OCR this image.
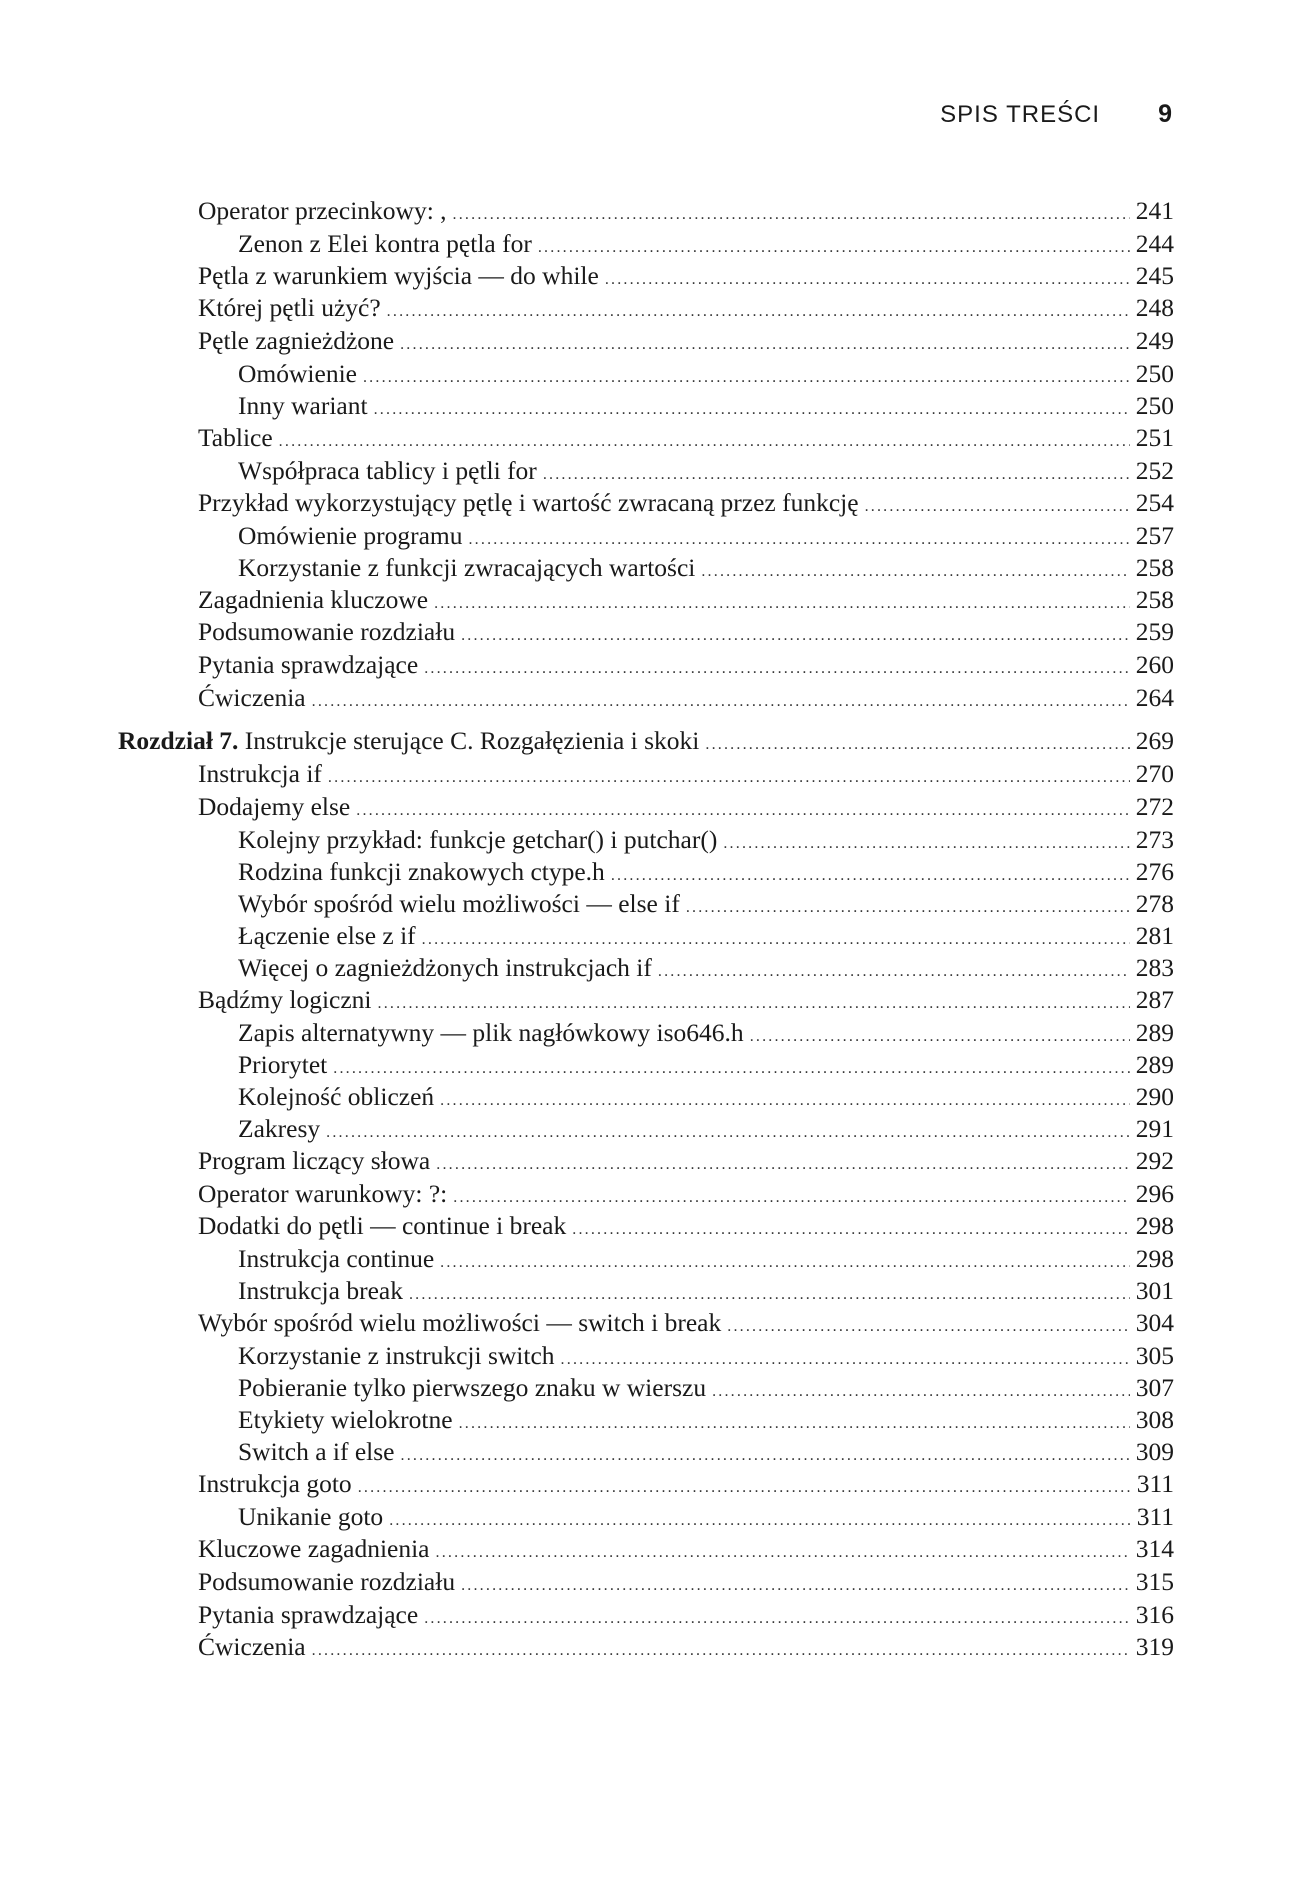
SPIS TREŚCI 9
Operator przecinkowy: , .....	241
Zenon z Elei kontra pętla for .....	244
Pętla z warunkiem wyjścia — do while .....	245
Której pętli użyć? .....	248
Pętle zagnieżdżone .....	249
Omówienie .....	250
Inny wariant .....	250
Tablice .....	251
Współpraca tablicy i pętli for .....	252
Przykład wykorzystujący pętlę i wartość zwracaną przez funkcję .....	254
Omówienie programu .....	257
Korzystanie z funkcji zwracających wartości .....	258
Zagadnienia kluczowe .....	258
Podsumowanie rozdziału .....	259
Pytania sprawdzające .....	260
Ćwiczenia .....	264
Rozdział 7. Instrukcje sterujące C. Rozgałęzienia i skoki .....	269
Instrukcja if .....	270
Dodajemy else .....	272
Kolejny przykład: funkcje getchar() i putchar() .....	273
Rodzina funkcji znakowych ctype.h .....	276
Wybór spośród wielu możliwości — else if .....	278
Łączenie else z if .....	281
Więcej o zagnieżdżonych instrukcjach if .....	283
Bądźmy logiczni .....	287
Zapis alternatywny — plik nagłówkowy iso646.h .....	289
Priorytet .....	289
Kolejność obliczeń .....	290
Zakresy .....	291
Program liczący słowa .....	292
Operator warunkowy: ?: .....	296
Dodatki do pętli — continue i break .....	298
Instrukcja continue .....	298
Instrukcja break .....	301
Wybór spośród wielu możliwości — switch i break .....	304
Korzystanie z instrukcji switch .....	305
Pobieranie tylko pierwszego znaku w wierszu .....	307
Etykiety wielokrotne .....	308
Switch a if else .....	309
Instrukcja goto .....	311
Unikanie goto .....	311
Kluczowe zagadnienia .....	314
Podsumowanie rozdziału .....	315
Pytania sprawdzające .....	316
Ćwiczenia .....	319
